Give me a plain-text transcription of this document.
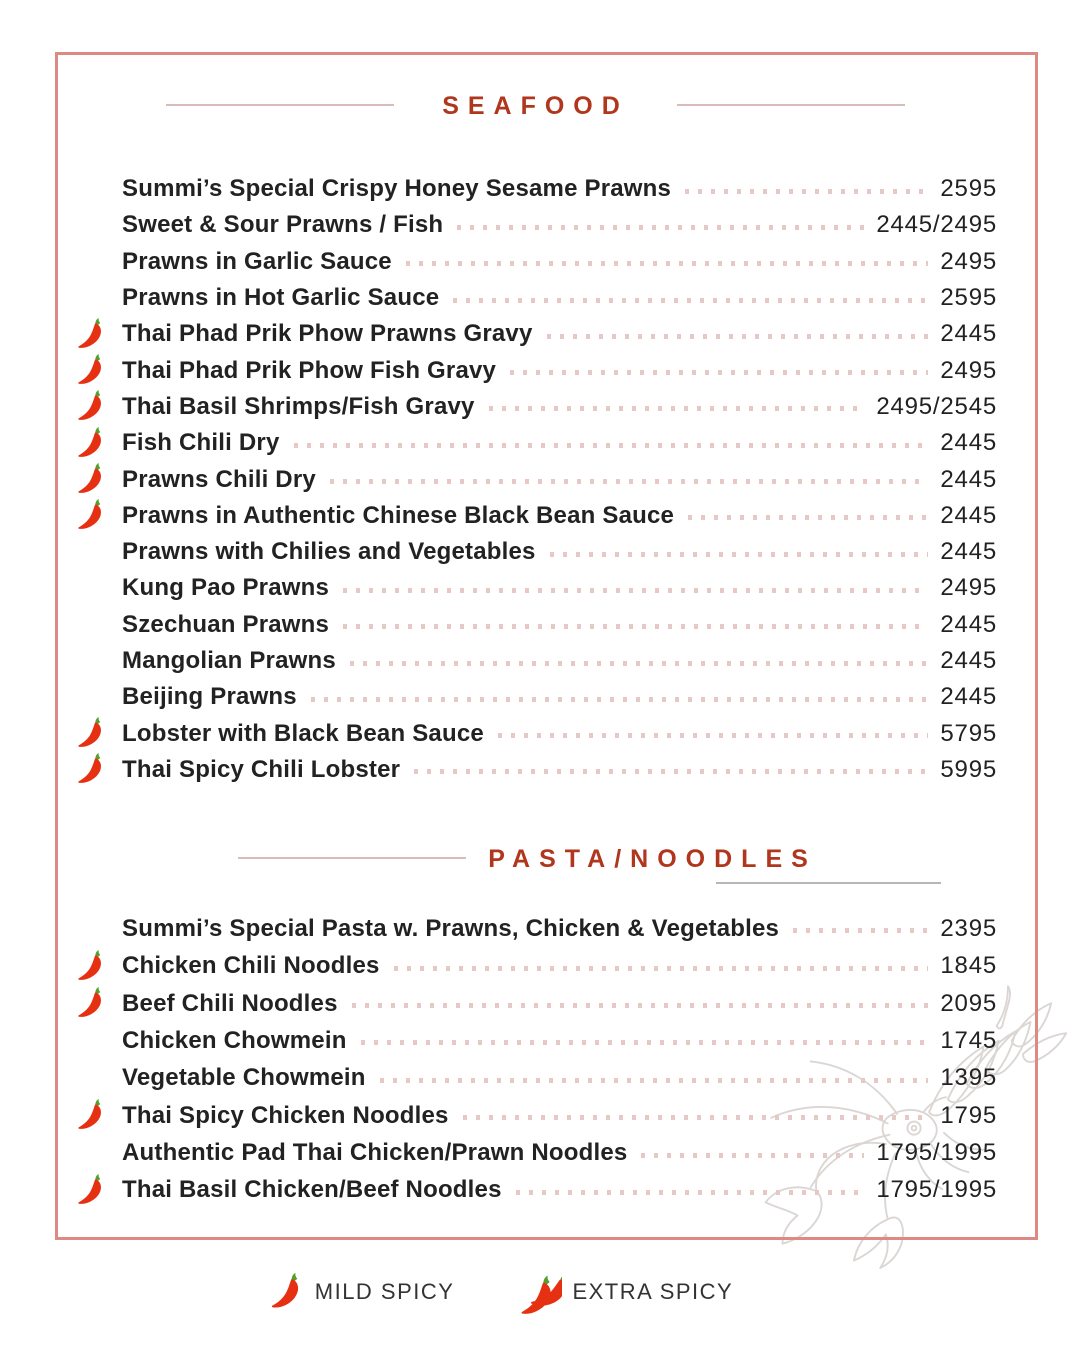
SEAFOOD
Summi’s Special Crispy Honey Sesame Prawns	2595
Sweet & Sour Prawns / Fish	2445/2495
Prawns in Garlic Sauce	2495
Prawns in Hot Garlic Sauce	2595
Thai Phad Prik Phow Prawns Gravy	2445
Thai Phad Prik Phow Fish Gravy	2495
Thai Basil Shrimps/Fish Gravy	2495/2545
Fish Chili Dry	2445
Prawns Chili Dry	2445
Prawns in Authentic Chinese Black Bean Sauce	2445
Prawns with Chilies and Vegetables	2445
Kung Pao Prawns	2495
Szechuan Prawns	2445
Mangolian Prawns	2445
Beijing Prawns	2445
Lobster with Black Bean Sauce	5795
Thai Spicy Chili Lobster	5995
PASTA/NOODLES
Summi’s Special Pasta w. Prawns, Chicken & Vegetables	2395
Chicken Chili Noodles	1845
Beef Chili Noodles	2095
Chicken Chowmein	1745
Vegetable Chowmein	1395
Thai Spicy Chicken Noodles	1795
Authentic Pad Thai Chicken/Prawn Noodles	1795/1995
Thai Basil Chicken/Beef Noodles	1795/1995
MILD SPICY	EXTRA SPICY
